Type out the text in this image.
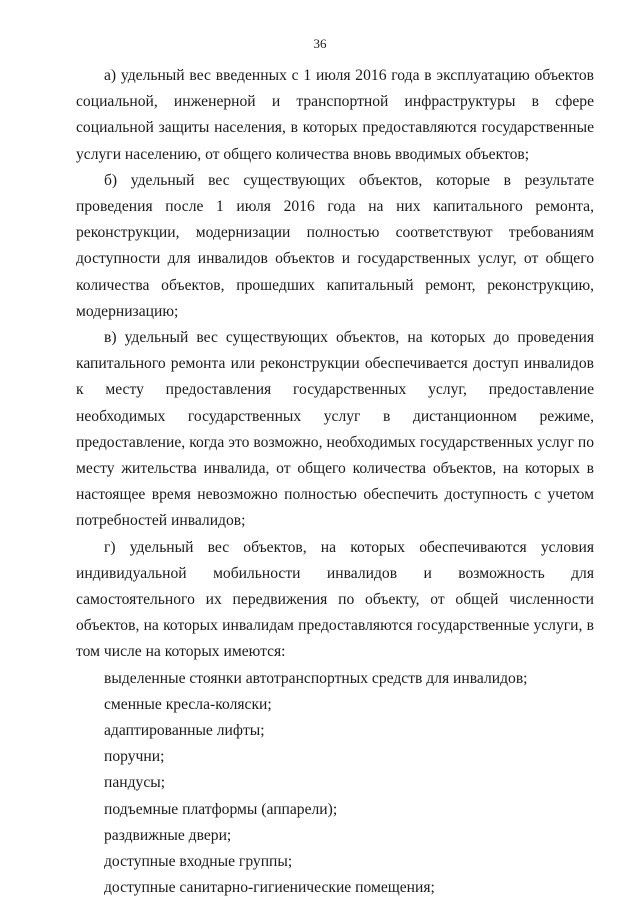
36

а) удельный вес введенных с 1 июля 2016 года в эксплуатацию объектов социальной, инженерной и транспортной инфраструктуры в сфере социальной защиты населения, в которых предоставляются государственные услуги населению, от общего количества вновь вводимых объектов;

б) удельный вес существующих объектов, которые в результате проведения после 1 июля 2016 года на них капитального ремонта, реконструкции, модернизации полностью соответствуют требованиям доступности для инвалидов объектов и государственных услуг, от общего количества объектов, прошедших капитальный ремонт, реконструкцию, модернизацию;

в) удельный вес существующих объектов, на которых до проведения капитального ремонта или реконструкции обеспечивается доступ инвалидов к месту предоставления государственных услуг, предоставление необходимых государственных услуг в дистанционном режиме, предоставление, когда это возможно, необходимых государственных услуг по месту жительства инвалида, от общего количества объектов, на которых в настоящее время невозможно полностью обеспечить доступность с учетом потребностей инвалидов;

г) удельный вес объектов, на которых обеспечиваются условия индивидуальной мобильности инвалидов и возможность для самостоятельного их передвижения по объекту, от общей численности объектов, на которых инвалидам предоставляются государственные услуги, в том числе на которых имеются:

выделенные стоянки автотранспортных средств для инвалидов;

сменные кресла-коляски;

адаптированные лифты;

поручни;

пандусы;

подъемные платформы (аппарели);

раздвижные двери;

доступные входные группы;

доступные санитарно-гигиенические помещения;
